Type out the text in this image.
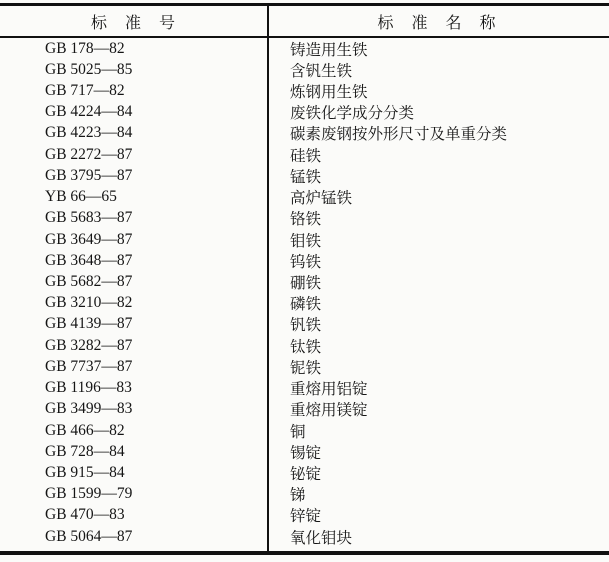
标　准　号	标　准　名　称
GB 178—82	铸造用生铁
GB 5025—85	含钒生铁
GB 717—82	炼钢用生铁
GB 4224—84	废铁化学成分分类
GB 4223—84	碳素废钢按外形尺寸及单重分类
GB 2272—87	硅铁
GB 3795—87	锰铁
YB 66—65	高炉锰铁
GB 5683—87	铬铁
GB 3649—87	钼铁
GB 3648—87	钨铁
GB 5682—87	硼铁
GB 3210—82	磷铁
GB 4139—87	钒铁
GB 3282—87	钛铁
GB 7737—87	铌铁
GB 1196—83	重熔用铝锭
GB 3499—83	重熔用镁锭
GB 466—82	铜
GB 728—84	锡锭
GB 915—84	铋锭
GB 1599—79	锑
GB 470—83	锌锭
GB 5064—87	氧化钼块
